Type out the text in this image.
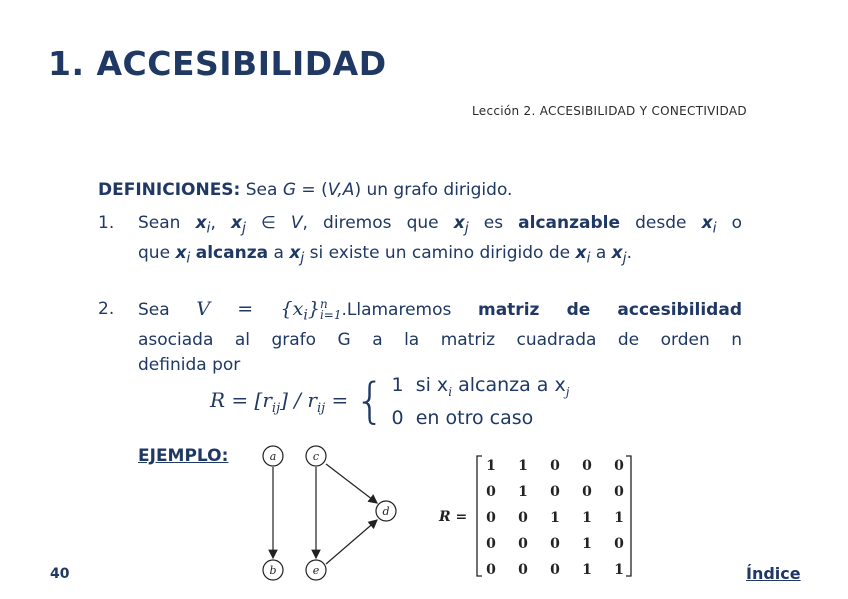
1. ACCESIBILIDAD
Lección 2. ACCESIBILIDAD Y CONECTIVIDAD
DEFINICIONES: Sea G = (V,A) un grafo dirigido.
1. Sean $x_i$, $x_j$ ∈ V, diremos que $x_j$ es alcanzable desde $x_i$ o
que $x_i$ alcanza a $x_j$ si existe un camino dirigido de $x_i$ a $x_j$.
2. Sea $V = \{x_i\}$ n
i=1 .Llamaremos matriz de accesibilidad
asociada al grafo G a la matriz cuadrada de orden n
definida por
$R = [r_{ij}] / r_{ij}$ = { 1 si $x_i$ alcanza a $x_j$
0 en otro caso
EJEMPLO:	a
b
c
d
e
R =
1 1 0 0 0
0 1 0 0 0
0 0 1 1 1
0 0 0 1 0
0 0 0 1 1
40	Índice
